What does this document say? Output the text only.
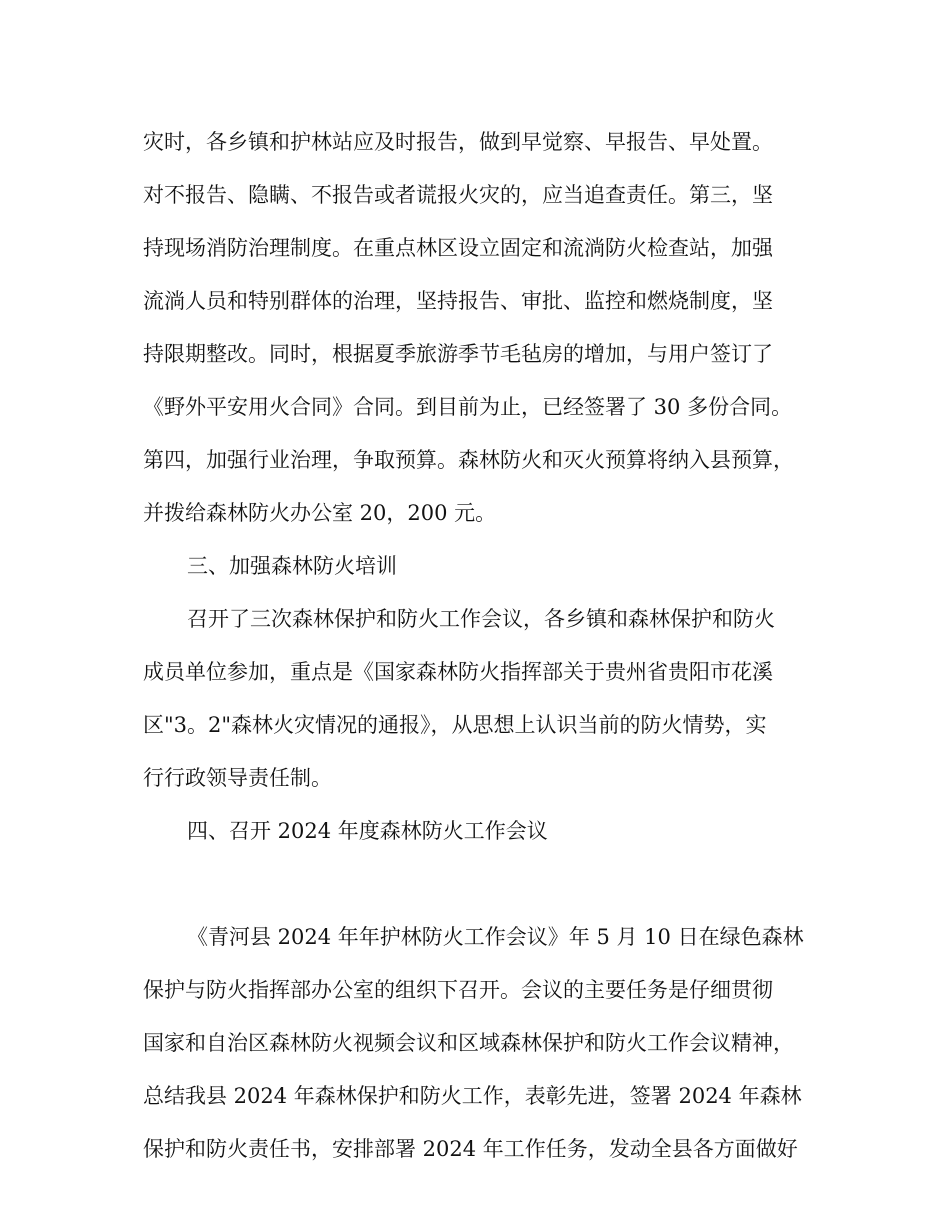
灾时，各乡镇和护林站应及时报告，做到早觉察、早报告、早处置。
对不报告、隐瞒、不报告或者谎报火灾的，应当追查责任。第三，坚
持现场消防治理制度。在重点林区设立固定和流淌防火检查站，加强
流淌人员和特别群体的治理，坚持报告、审批、监控和燃烧制度，坚
持限期整改。同时，根据夏季旅游季节毛毡房的增加，与用户签订了
《野外平安用火合同》合同。到目前为止，已经签署了 30 多份合同。
第四，加强行业治理，争取预算。森林防火和灭火预算将纳入县预算，
并拨给森林防火办公室 20，200 元。
三、加强森林防火培训
召开了三次森林保护和防火工作会议，各乡镇和森林保护和防火
成员单位参加，重点是《国家森林防火指挥部关于贵州省贵阳市花溪
区"3。2"森林火灾情况的通报》，从思想上认识当前的防火情势，实
行行政领导责任制。
四、召开 2024 年度森林防火工作会议
《青河县 2024 年年护林防火工作会议》年 5 月 10 日在绿色森林
保护与防火指挥部办公室的组织下召开。会议的主要任务是仔细贯彻
国家和自治区森林防火视频会议和区域森林保护和防火工作会议精神，
总结我县 2024 年森林保护和防火工作，表彰先进，签署 2024 年森林
保护和防火责任书，安排部署 2024 年工作任务，发动全县各方面做好
